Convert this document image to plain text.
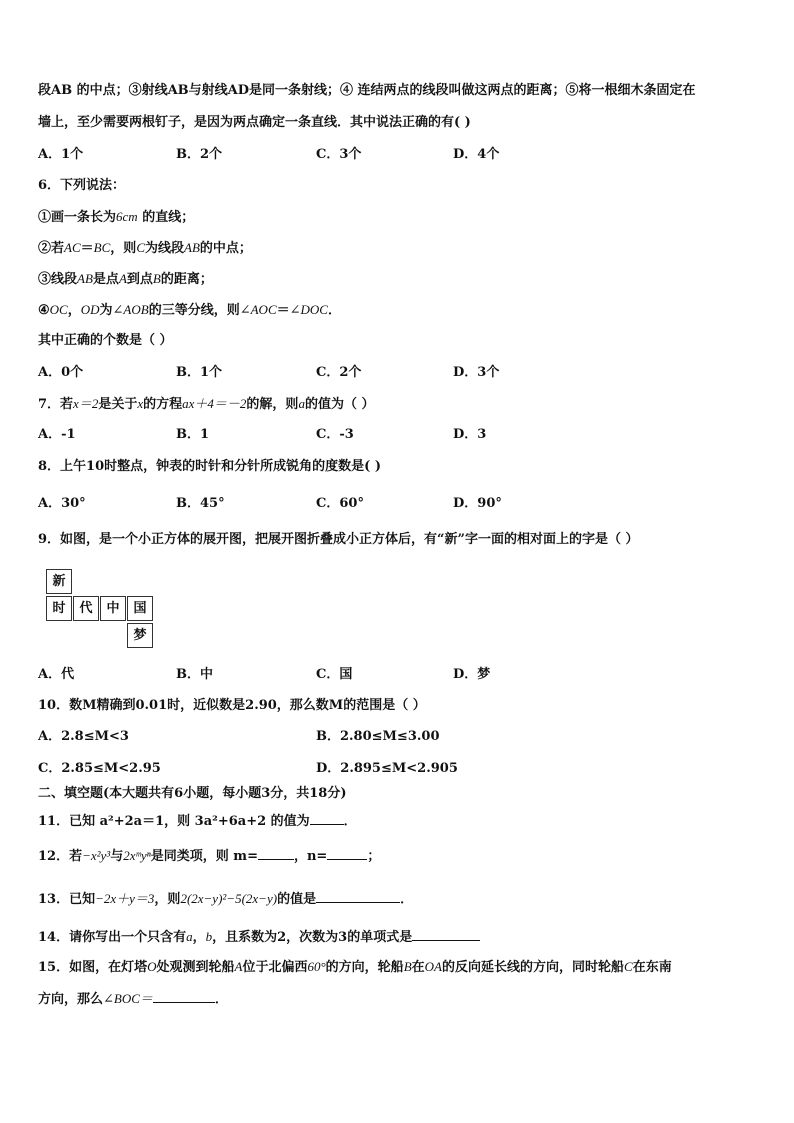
段AB 的中点；③射线AB与射线AD是同一条射线；④ 连结两点的线段叫做这两点的距离；⑤将一根细木条固定在
墙上，至少需要两根钉子，是因为两点确定一条直线．其中说法正确的有( )
A．1个	B．2个	C．3个	D．4个
6．下列说法：
①画一条长为6cm 的直线；
②若AC＝BC，则C为线段AB的中点；
③线段AB是点A到点B的距离；
④OC，OD为∠AOB的三等分线，则∠AOC＝∠DOC．
其中正确的个数是（ ）
A．0个	B．1个	C．2个	D．3个
7．若x＝2是关于x的方程ax＋4＝－2的解，则a的值为（ ）
A．-1	B．1	C．-3	D．3
8．上午10时整点，钟表的时针和分针所成锐角的度数是( )
A．30°	B．45°	C．60°	D．90°
9．如图，是一个小正方体的展开图，把展开图折叠成小正方体后，有“新”字一面的相对面上的字是（ ）
新
时	代	中	国
梦
A．代	B．中	C．国	D．梦
10．数M精确到0.01时，近似数是2.90，那么数M的范围是（ ）
A．2.8≤M<3	B．2.80≤M≤3.00
C．2.85≤M<2.95	D．2.895≤M<2.905
二、填空题(本大题共有6小题，每小题3分，共18分)
11．已知 a²+2a＝1，则 3a²+6a+2 的值为	．
12．若−x²y³与2xᵐyⁿ是同类项，则 m=	，n=	；
13．已知−2x＋y＝3，则2(2x−y)²−5(2x−y)的值是	．
14．请你写出一个只含有a，b，且系数为2，次数为3的单项式是
15．如图，在灯塔O处观测到轮船A位于北偏西60°的方向，轮船B在OA的反向延长线的方向，同时轮船C在东南
方向，那么∠BOC＝	．
